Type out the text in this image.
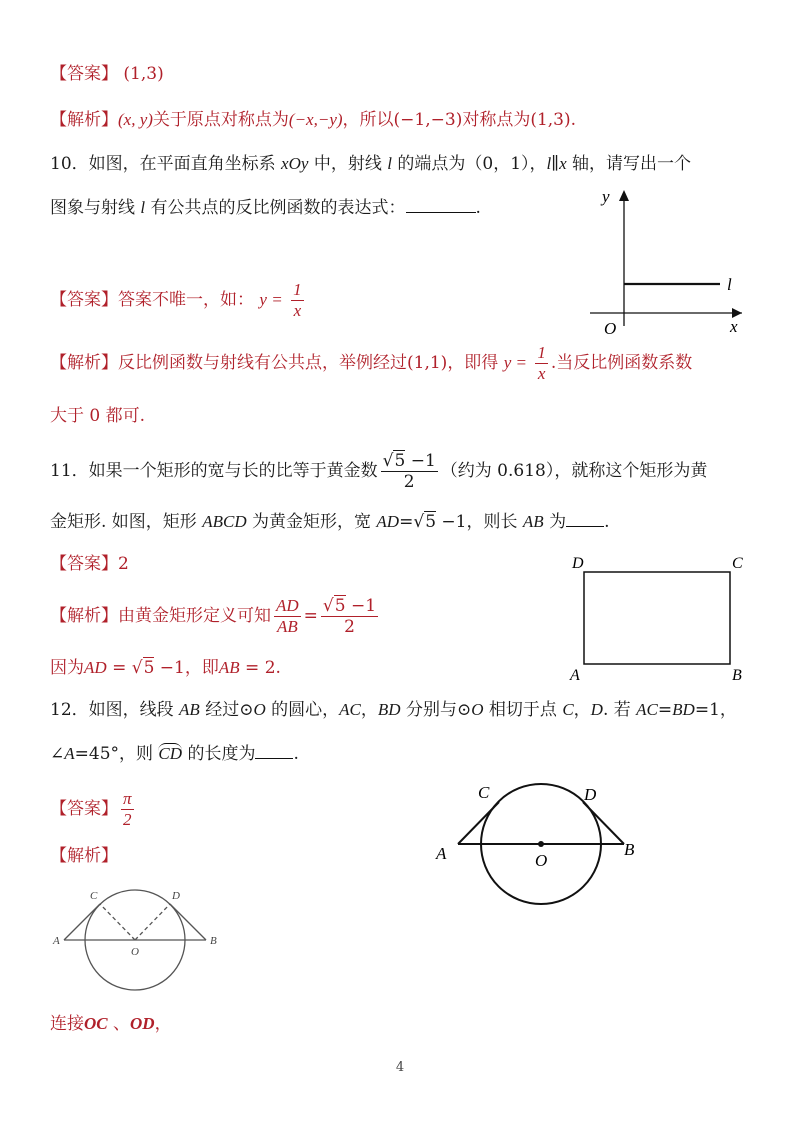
【答案】 (1,3)
【解析】(x, y)关于原点对称点为(−x,−y)，所以(−1,−3)对称点为(1,3).
10．如图，在平面直角坐标系 xOy 中，射线 l 的端点为（0，1），l∥x 轴，请写出一个
图象与射线 l 有公共点的反比例函数的表达式：	.
【答案】答案不唯一，如： $y = \frac{1}{x}$
【解析】反比例函数与射线有公共点，举例经过(1,1)，即得 $y = \frac{1}{x}$ .当反比例函数系数
大于 0 都可.
y
x
O
l
11．如果一个矩形的宽与长的比等于黄金数 $\frac{√5 -1}{2}$ （约为 0.618），就称这个矩形为黄
金矩形. 如图，矩形 ABCD 为黄金矩形，宽 AD=√5 −1，则长 AB 为 .
【答案】2
【解析】由黄金矩形定义可知 $\frac{AD}{AB} = \frac{√5 -1}{2}$
因为AD = √5 −1，即AB = 2.
D	C
A	B
12．如图，线段 AB 经过⊙O 的圆心，AC，BD 分别与⊙O 相切于点 C，D. 若 AC=BD=1，
∠A=45°，则 CD 的长度为 .
【答案】 $\frac{\pi}{2}$
【解析】
连接OC 、OD，
C	D
A	B
O
C	D
A	B
O
4
